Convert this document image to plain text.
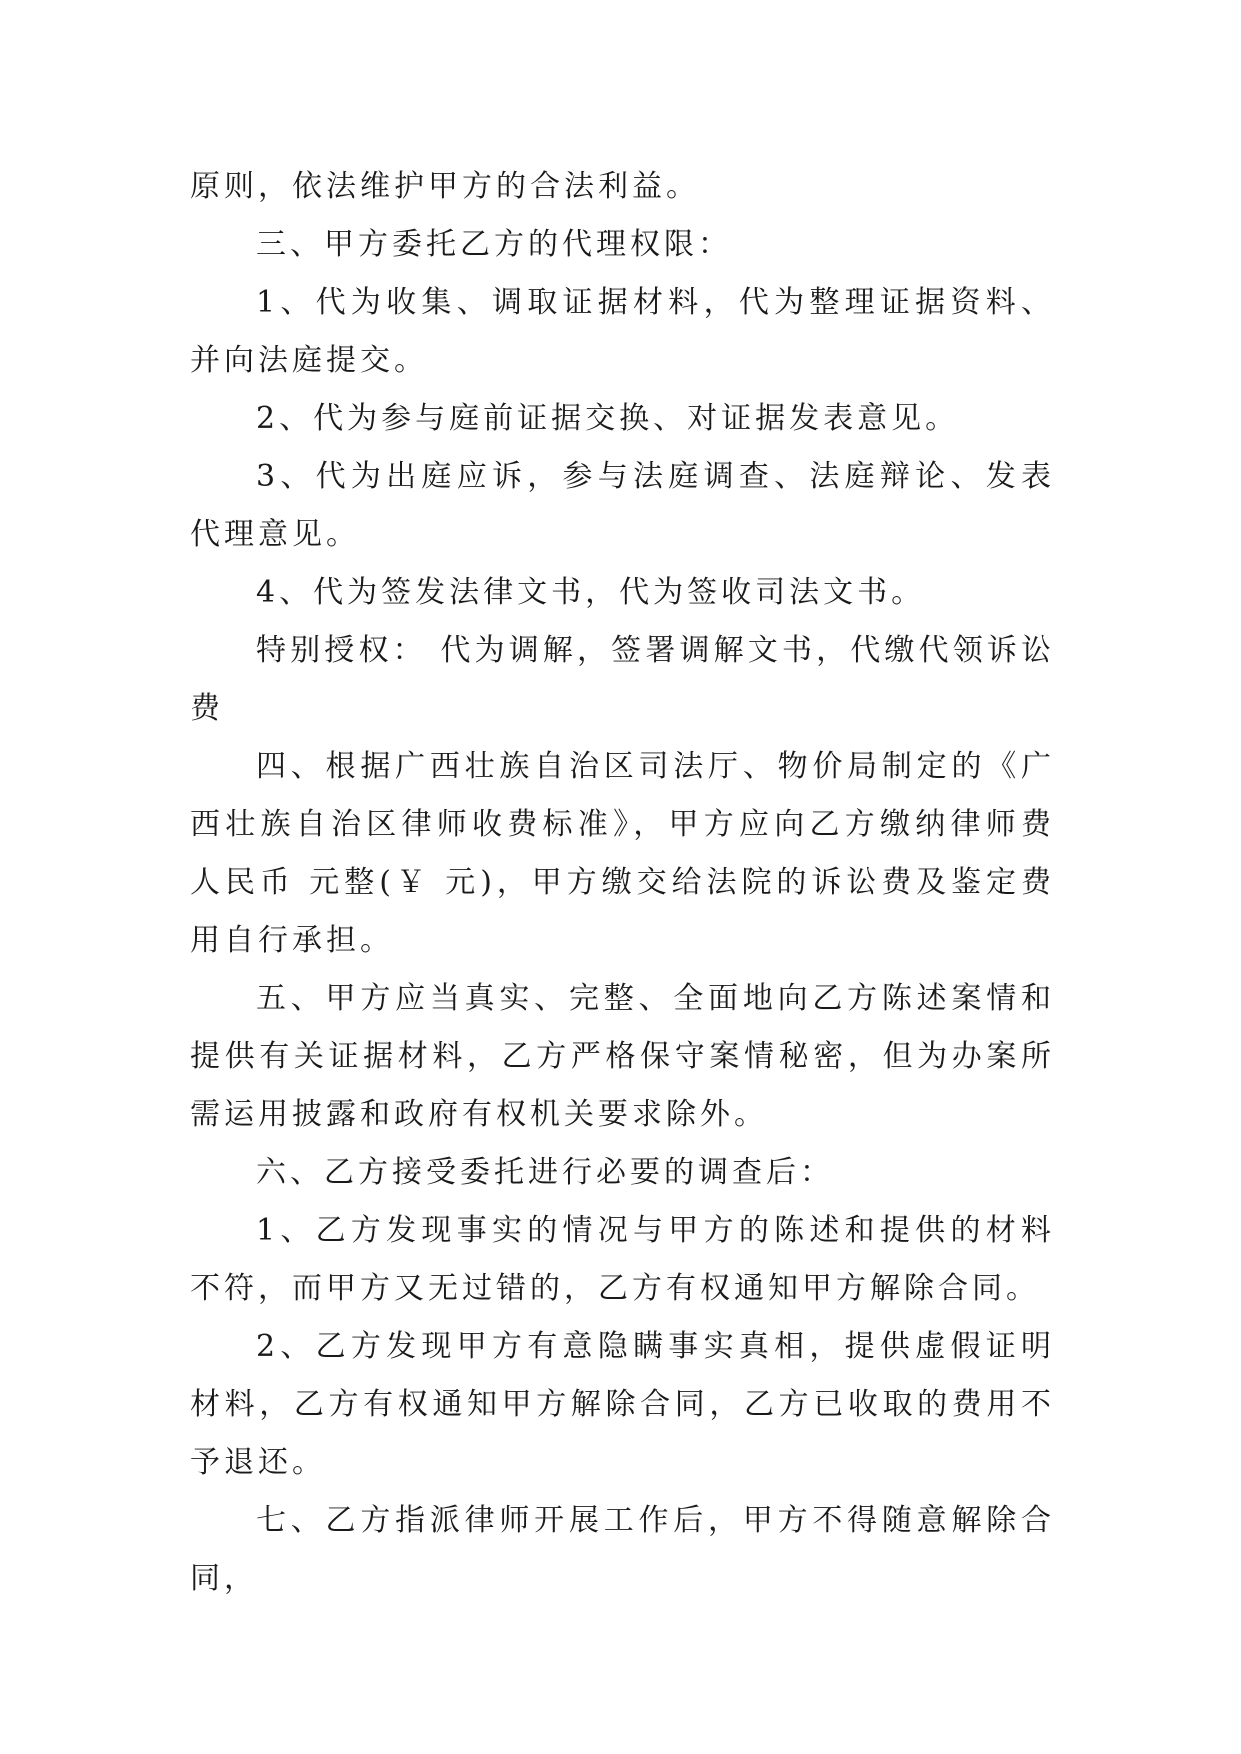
原则，依法维护甲方的合法利益。

三、甲方委托乙方的代理权限：

1、代为收集、调取证据材料，代为整理证据资料、并向法庭提交。

2、代为参与庭前证据交换、对证据发表意见。

3、代为出庭应诉，参与法庭调查、法庭辩论、发表代理意见。

4、代为签发法律文书，代为签收司法文书。

特别授权： 代为调解，签署调解文书，代缴代领诉讼费

四、根据广西壮族自治区司法厅、物价局制定的《广西壮族自治区律师收费标准》，甲方应向乙方缴纳律师费人民币 元整(￥ 元)，甲方缴交给法院的诉讼费及鉴定费用自行承担。

五、甲方应当真实、完整、全面地向乙方陈述案情和提供有关证据材料，乙方严格保守案情秘密，但为办案所需运用披露和政府有权机关要求除外。

六、乙方接受委托进行必要的调查后：

1、乙方发现事实的情况与甲方的陈述和提供的材料不符，而甲方又无过错的，乙方有权通知甲方解除合同。

2、乙方发现甲方有意隐瞒事实真相，提供虚假证明材料，乙方有权通知甲方解除合同，乙方已收取的费用不予退还。

七、乙方指派律师开展工作后，甲方不得随意解除合同，
